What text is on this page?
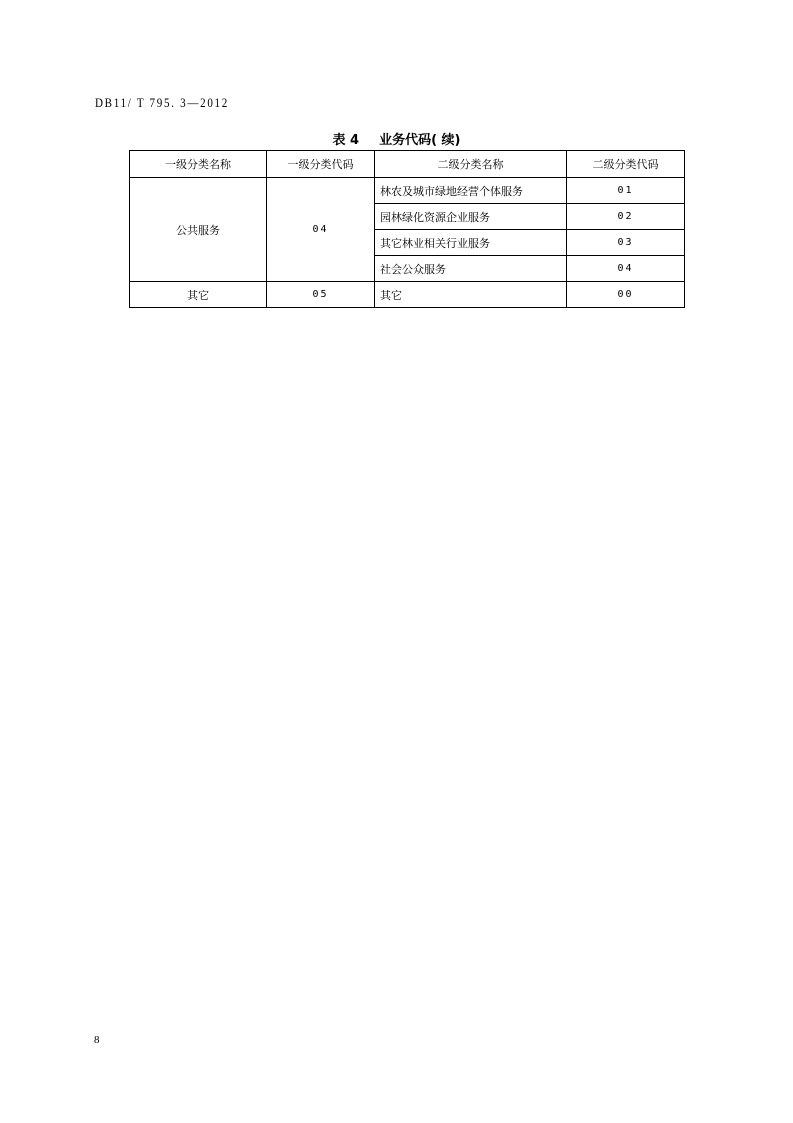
DB11/ T 795. 3—2012
表 4 业务代码( 续)
一级分类名称	一级分类代码	二级分类名称	二级分类代码
公共服务	04	林农及城市绿地经营个体服务	01
		园林绿化资源企业服务	02
		其它林业相关行业服务	03
		社会公众服务	04
其它	05	其它	00
8
